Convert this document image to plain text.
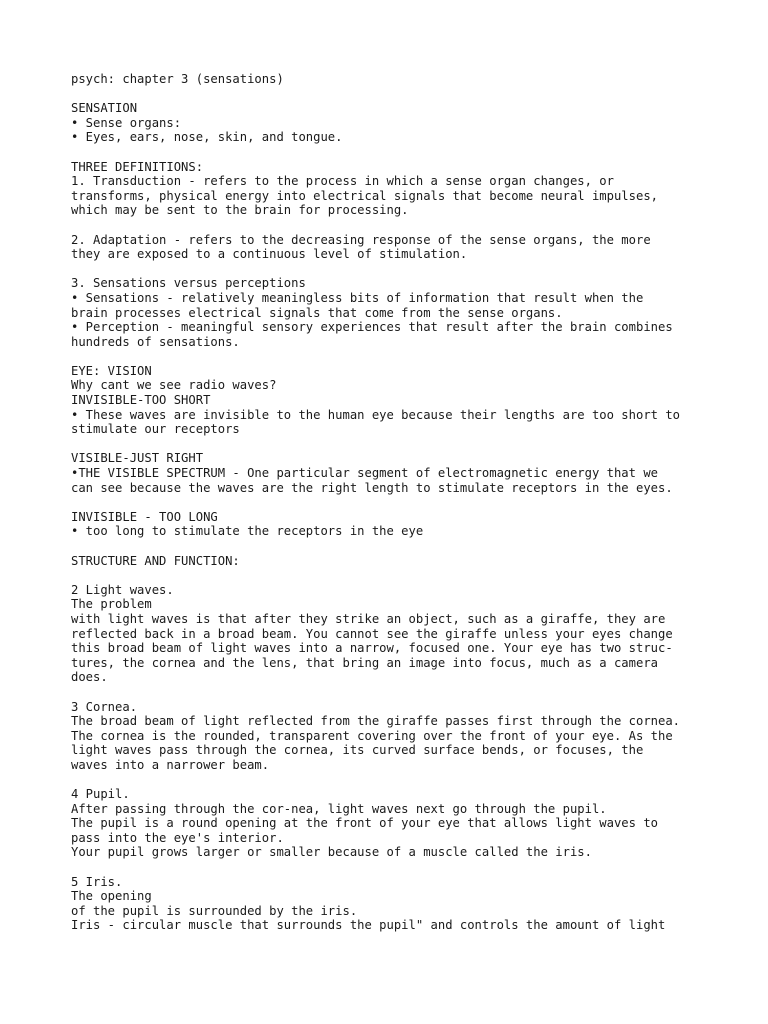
psych: chapter 3 (sensations)
SENSATION
• Sense organs:
• Eyes, ears, nose, skin, and tongue.
THREE DEFINITIONS:
1. Transduction - refers to the process in which a sense organ changes, or
transforms, physical energy into electrical signals that become neural impulses,
which may be sent to the brain for processing.
2. Adaptation - refers to the decreasing response of the sense organs, the more
they are exposed to a continuous level of stimulation.
3. Sensations versus perceptions
• Sensations - relatively meaningless bits of information that result when the
brain processes electrical signals that come from the sense organs.
• Perception - meaningful sensory experiences that result after the brain combines
hundreds of sensations.
EYE: VISION
Why cant we see radio waves?
INVISIBLE-TOO SHORT
• These waves are invisible to the human eye because their lengths are too short to
stimulate our receptors
VISIBLE-JUST RIGHT
•THE VISIBLE SPECTRUM - One particular segment of electromagnetic energy that we
can see because the waves are the right length to stimulate receptors in the eyes.
INVISIBLE - TOO LONG
• too long to stimulate the receptors in the eye
STRUCTURE AND FUNCTION:
2 Light waves.
The problem
with light waves is that after they strike an object, such as a giraffe, they are
reflected back in a broad beam. You cannot see the giraffe unless your eyes change
this broad beam of light waves into a narrow, focused one. Your eye has two struc-
tures, the cornea and the lens, that bring an image into focus, much as a camera
does.
3 Cornea.
The broad beam of light reflected from the giraffe passes first through the cornea.
The cornea is the rounded, transparent covering over the front of your eye. As the
light waves pass through the cornea, its curved surface bends, or focuses, the
waves into a narrower beam.
4 Pupil.
After passing through the cor-nea, light waves next go through the pupil.
The pupil is a round opening at the front of your eye that allows light waves to
pass into the eye's interior.
Your pupil grows larger or smaller because of a muscle called the iris.
5 Iris.
The opening
of the pupil is surrounded by the iris.
Iris - circular muscle that surrounds the pupil" and controls the amount of light
